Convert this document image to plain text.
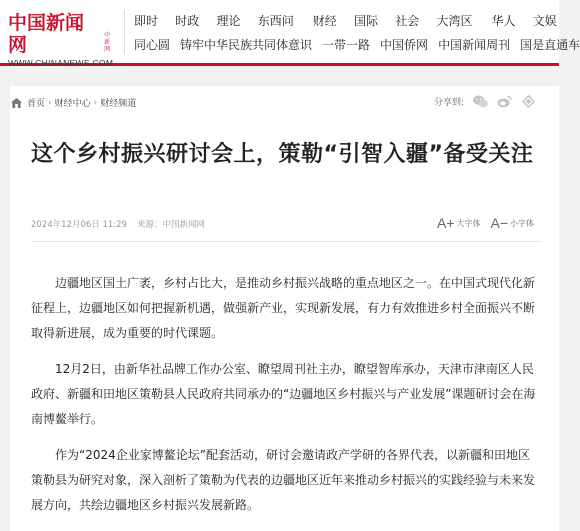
中国新闻网	中新网
WWW.CHINANEWS.COM
即时	时政	理论	东西问	财经	国际	社会	大湾区	华人	文娱
同心圆 铸牢中华民族共同体意识 一带一路 中国侨网 中国新闻周刊 国是直通车
首页 › 财经中心 › 财经频道	分享到:
这个乡村振兴研讨会上，策勒“引智入疆”备受关注
2024年12月06日 11:29 来源：中国新闻网	A+ 大字体 A− 小字体

边疆地区国土广袤，乡村占比大，是推动乡村振兴战略的重点地区之一。在中国式现代化新征程上，边疆地区如何把握新机遇，做强新产业，实现新发展，有力有效推进乡村全面振兴不断取得新进展，成为重要的时代课题。

12月2日，由新华社品牌工作办公室、瞭望周刊社主办，瞭望智库承办，天津市津南区人民政府、新疆和田地区策勒县人民政府共同承办的“边疆地区乡村振兴与产业发展”课题研讨会在海南博鳌举行。

作为“2024企业家博鳌论坛”配套活动，研讨会邀请政产学研的各界代表，以新疆和田地区策勒县为研究对象，深入剖析了策勒为代表的边疆地区近年来推动乡村振兴的实践经验与未来发展方向，共绘边疆地区乡村振兴发展新路。
